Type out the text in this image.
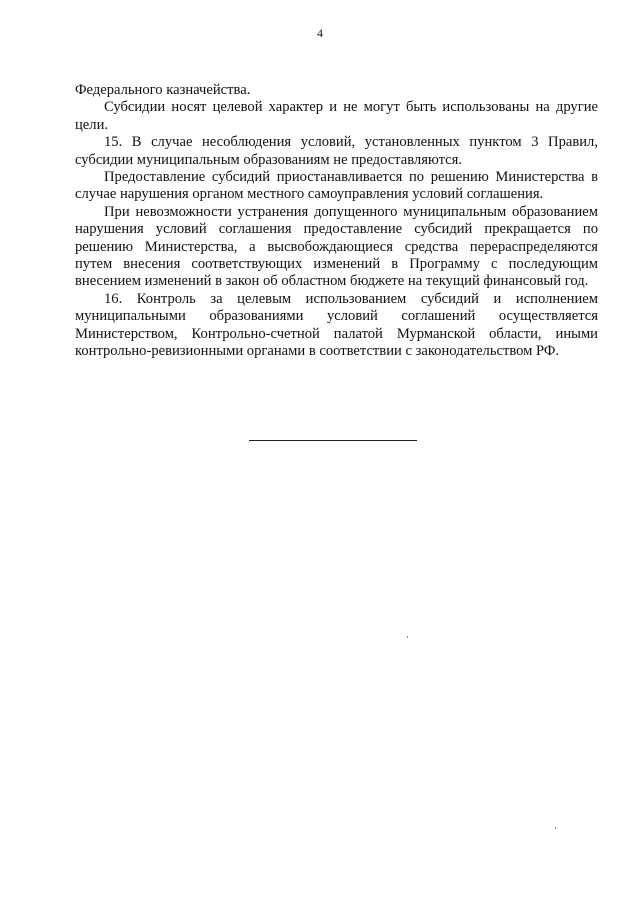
4

Федерального казначейства.

Субсидии носят целевой характер и не могут быть использованы на другие цели.

15. В случае несоблюдения условий, установленных пунктом 3 Правил, субсидии муниципальным образованиям не предоставляются.

Предоставление субсидий приостанавливается по решению Министерства в случае нарушения органом местного самоуправления условий соглашения.

При невозможности устранения допущенного муниципальным образованием нарушения условий соглашения предоставление субсидий прекращается по решению Министерства, а высвобождающиеся средства перераспределяются путем внесения соответствующих изменений в Программу с последующим внесением изменений в закон об областном бюджете на текущий финансовый год.

16. Контроль за целевым использованием субсидий и исполнением муниципальными образованиями условий соглашений осуществляется Министерством, Контрольно-счетной палатой Мурманской области, иными контрольно-ревизионными органами в соответствии с законодательством РФ.
